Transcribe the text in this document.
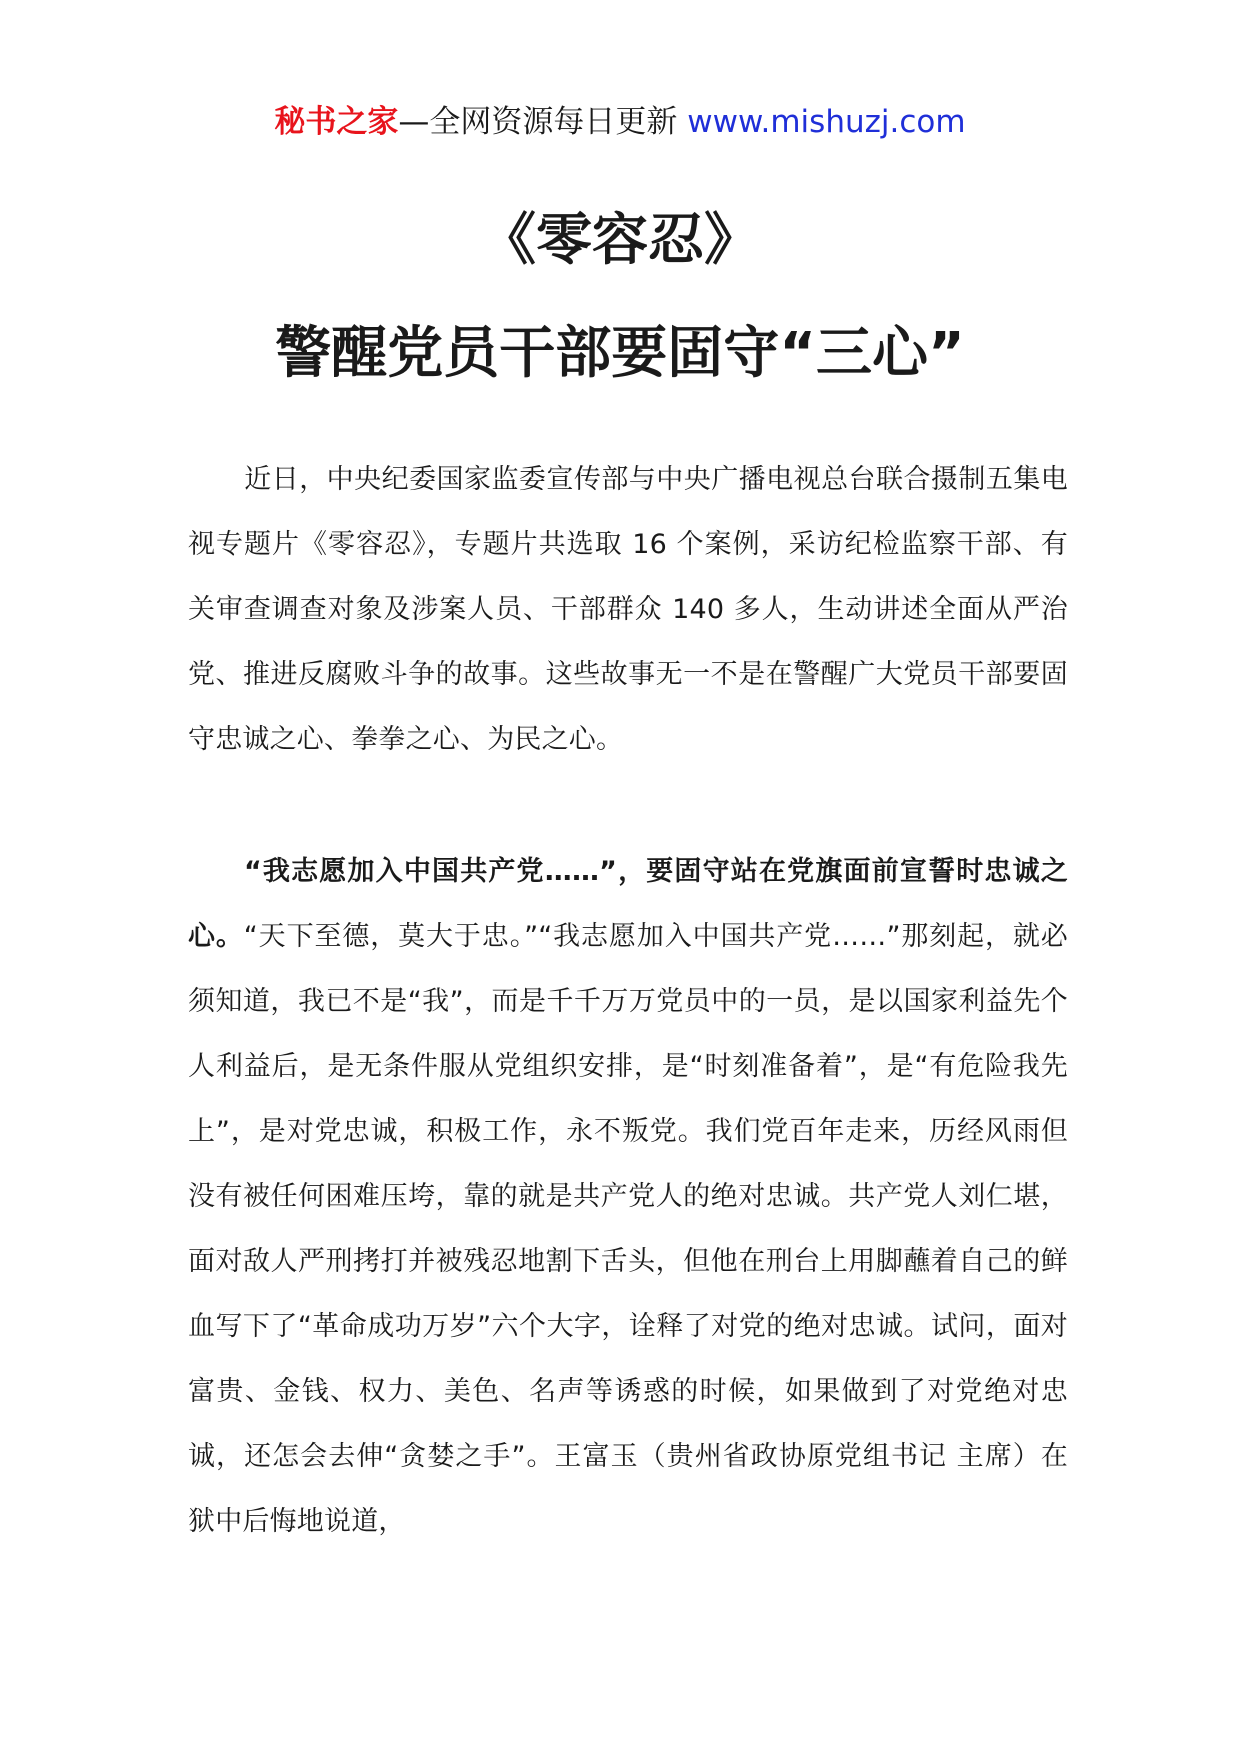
秘书之家—全网资源每日更新 www.mishuzj.com
《零容忍》
警醒党员干部要固守“三心”
近日，中央纪委国家监委宣传部与中央广播电视总台联合摄制五集电视专题片《零容忍》，专题片共选取 16 个案例，采访纪检监察干部、有关审查调查对象及涉案人员、干部群众 140 多人，生动讲述全面从严治党、推进反腐败斗争的故事。这些故事无一不是在警醒广大党员干部要固守忠诚之心、拳拳之心、为民之心。
“我志愿加入中国共产党……”，要固守站在党旗面前宣誓时忠诚之心。“天下至德，莫大于忠。”“我志愿加入中国共产党……”那刻起，就必须知道，我已不是“我”，而是千千万万党员中的一员，是以国家利益先个人利益后，是无条件服从党组织安排，是“时刻准备着”，是“有危险我先上”，是对党忠诚，积极工作，永不叛党。我们党百年走来，历经风雨但没有被任何困难压垮，靠的就是共产党人的绝对忠诚。共产党人刘仁堪，面对敌人严刑拷打并被残忍地割下舌头，但他在刑台上用脚蘸着自己的鲜血写下了“革命成功万岁”六个大字，诠释了对党的绝对忠诚。试问，面对富贵、金钱、权力、美色、名声等诱惑的时候，如果做到了对党绝对忠诚，还怎会去伸“贪婪之手”。王富玉（贵州省政协原党组书记 主席）在狱中后悔地说道，
